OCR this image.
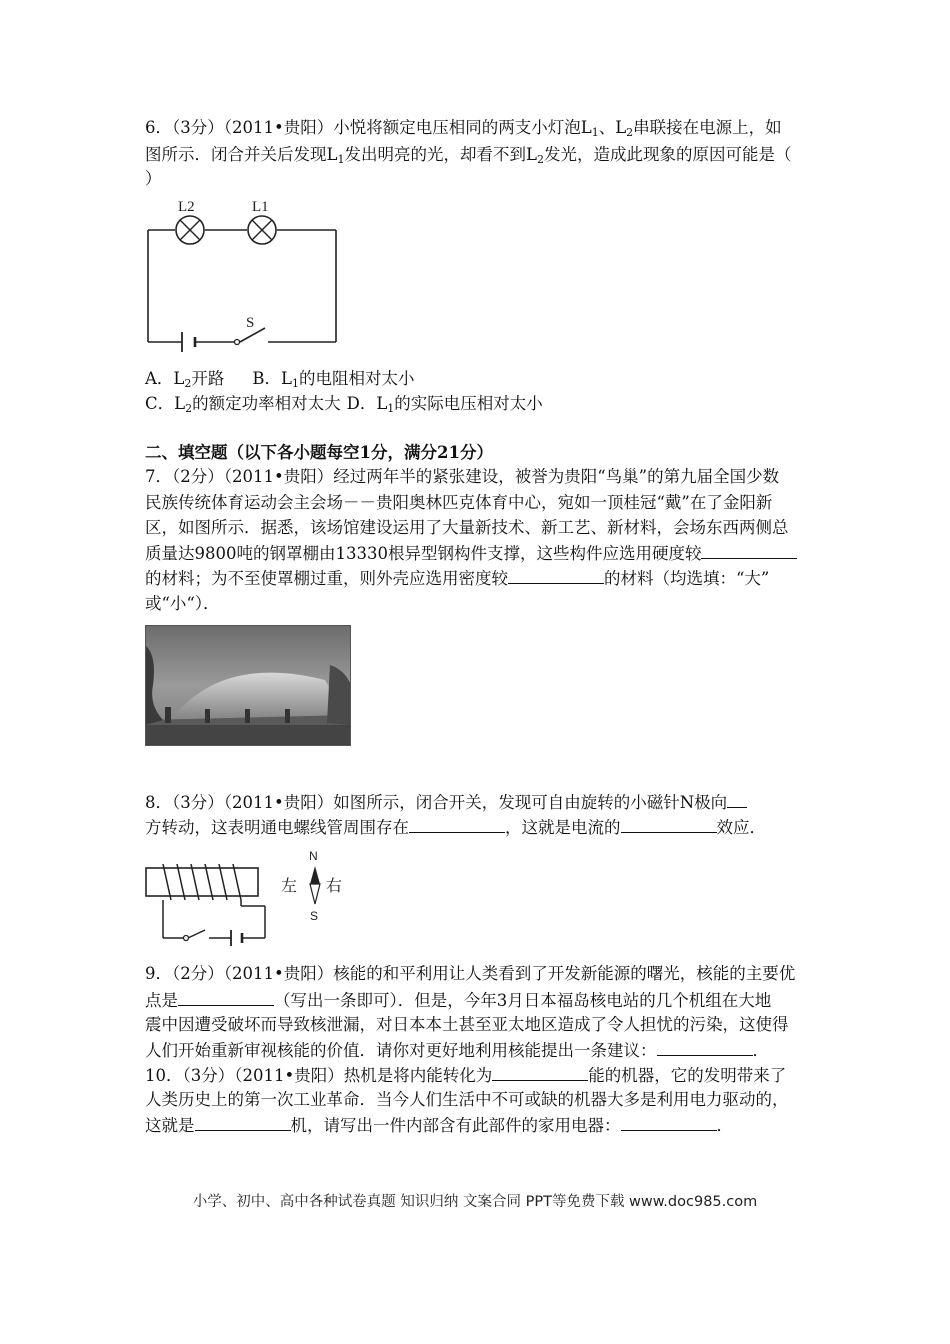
6．（3分）（2011•贵阳）小悦将额定电压相同的两支小灯泡$L_1$、$L_2$串联接在电源上，如
图所示．闭合并关后发现$L_1$发出明亮的光，却看不到$L_2$发光，造成此现象的原因可能是（
）
L2	L1
S
A．$L_2$开路 B．$L_1$的电阻相对太小
C．$L_2$的额定功率相对太大 D．$L_1$的实际电压相对太小
二、填空题（以下各小题每空1分，满分21分）
7．（2分）（2011•贵阳）经过两年半的紧张建设，被誉为贵阳“鸟巢”的第九届全国少数
民族传统体育运动会主会场－－贵阳奥林匹克体育中心，宛如一顶桂冠“戴”在了金阳新
区，如图所示．据悉，该场馆建设运用了大量新技术、新工艺、新材料，会场东西两侧总
质量达9800吨的钢罩棚由13330根异型钢构件支撑，这些构件应选用硬度较
的材料；为不至使罩棚过重，则外壳应选用密度较	的材料（均选填：“大”
或“小“）．
8．（3分）（2011•贵阳）如图所示，闭合开关，发现可自由旋转的小磁针N极向
方转动，这表明通电螺线管周围存在	，这就是电流的	效应．
左 右
N
S
9．（2分）（2011•贵阳）核能的和平利用让人类看到了开发新能源的曙光，核能的主要优
点是	（写出一条即可）．但是，今年3月日本福岛核电站的几个机组在大地
震中因遭受破坏而导致核泄漏，对日本本土甚至亚太地区造成了令人担忧的污染，这使得
人们开始重新审视核能的价值．请你对更好地利用核能提出一条建议：	．
10．（3分）（2011•贵阳）热机是将内能转化为	能的机器，它的发明带来了
人类历史上的第一次工业革命．当今人们生活中不可或缺的机器大多是利用电力驱动的，
这就是	机，请写出一件内部含有此部件的家用电器：	．
小学、初中、高中各种试卷真题 知识归纳 文案合同 PPT等免费下载 www.doc985.com
